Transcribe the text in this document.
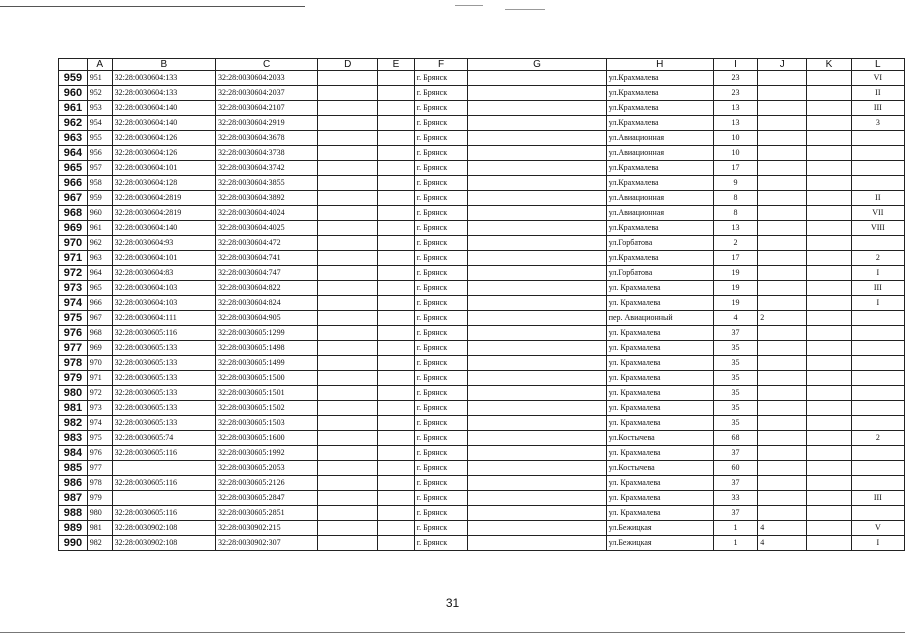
	A	B	C	D	E	F	G	H	I	J	K	L
959	951	32:28:0030604:133	32:28:0030604:2033			г. Брянск		ул.Крахмалева	23			VI
960	952	32:28:0030604:133	32:28:0030604:2037			г. Брянск		ул.Крахмалева	23			II
961	953	32:28:0030604:140	32:28:0030604:2107			г. Брянск		ул.Крахмалева	13			III
962	954	32:28:0030604:140	32:28:0030604:2919			г. Брянск		ул.Крахмалева	13			3
963	955	32:28:0030604:126	32:28:0030604:3678			г. Брянск		ул.Авиационная	10			
964	956	32:28:0030604:126	32:28:0030604:3738			г. Брянск		ул.Авиационная	10			
965	957	32:28:0030604:101	32:28:0030604:3742			г. Брянск		ул.Крахмалева	17			
966	958	32:28:0030604:128	32:28:0030604:3855			г. Брянск		ул.Крахмалева	9			
967	959	32:28:0030604:2819	32:28:0030604:3892			г. Брянск		ул.Авиационная	8			II
968	960	32:28:0030604:2819	32:28:0030604:4024			г. Брянск		ул.Авиационная	8			VII
969	961	32:28:0030604:140	32:28:0030604:4025			г. Брянск		ул.Крахмалева	13			VIII
970	962	32:28:0030604:93	32:28:0030604:472			г. Брянск		ул.Горбатова	2			
971	963	32:28:0030604:101	32:28:0030604:741			г. Брянск		ул.Крахмалева	17			2
972	964	32:28:0030604:83	32:28:0030604:747			г. Брянск		ул.Горбатова	19			I
973	965	32:28:0030604:103	32:28:0030604:822			г. Брянск		ул. Крахмалева	19			III
974	966	32:28:0030604:103	32:28:0030604:824			г. Брянск		ул. Крахмалева	19			I
975	967	32:28:0030604:111	32:28:0030604:905			г. Брянск		пер. Авиационный	4	2		
976	968	32:28:0030605:116	32:28:0030605:1299			г. Брянск		ул. Крахмалева	37			
977	969	32:28:0030605:133	32:28:0030605:1498			г. Брянск		ул. Крахмалева	35			
978	970	32:28:0030605:133	32:28:0030605:1499			г. Брянск		ул. Крахмалева	35			
979	971	32:28:0030605:133	32:28:0030605:1500			г. Брянск		ул. Крахмалева	35			
980	972	32:28:0030605:133	32:28:0030605:1501			г. Брянск		ул. Крахмалева	35			
981	973	32:28:0030605:133	32:28:0030605:1502			г. Брянск		ул. Крахмалева	35			
982	974	32:28:0030605:133	32:28:0030605:1503			г. Брянск		ул. Крахмалева	35			
983	975	32:28:0030605:74	32:28:0030605:1600			г. Брянск		ул.Костычева	68			2
984	976	32:28:0030605:116	32:28:0030605:1992			г. Брянск		ул. Крахмалева	37			
985	977		32:28:0030605:2053			г. Брянск		ул.Костычева	60			
986	978	32:28:0030605:116	32:28:0030605:2126			г. Брянск		ул. Крахмалева	37			
987	979		32:28:0030605:2847			г. Брянск		ул. Крахмалева	33			III
988	980	32:28:0030605:116	32:28:0030605:2851			г. Брянск		ул. Крахмалева	37			
989	981	32:28:0030902:108	32:28:0030902:215			г. Брянск		ул.Бежицкая	1	4		V
990	982	32:28:0030902:108	32:28:0030902:307			г. Брянск		ул.Бежицкая	1	4		I
31
